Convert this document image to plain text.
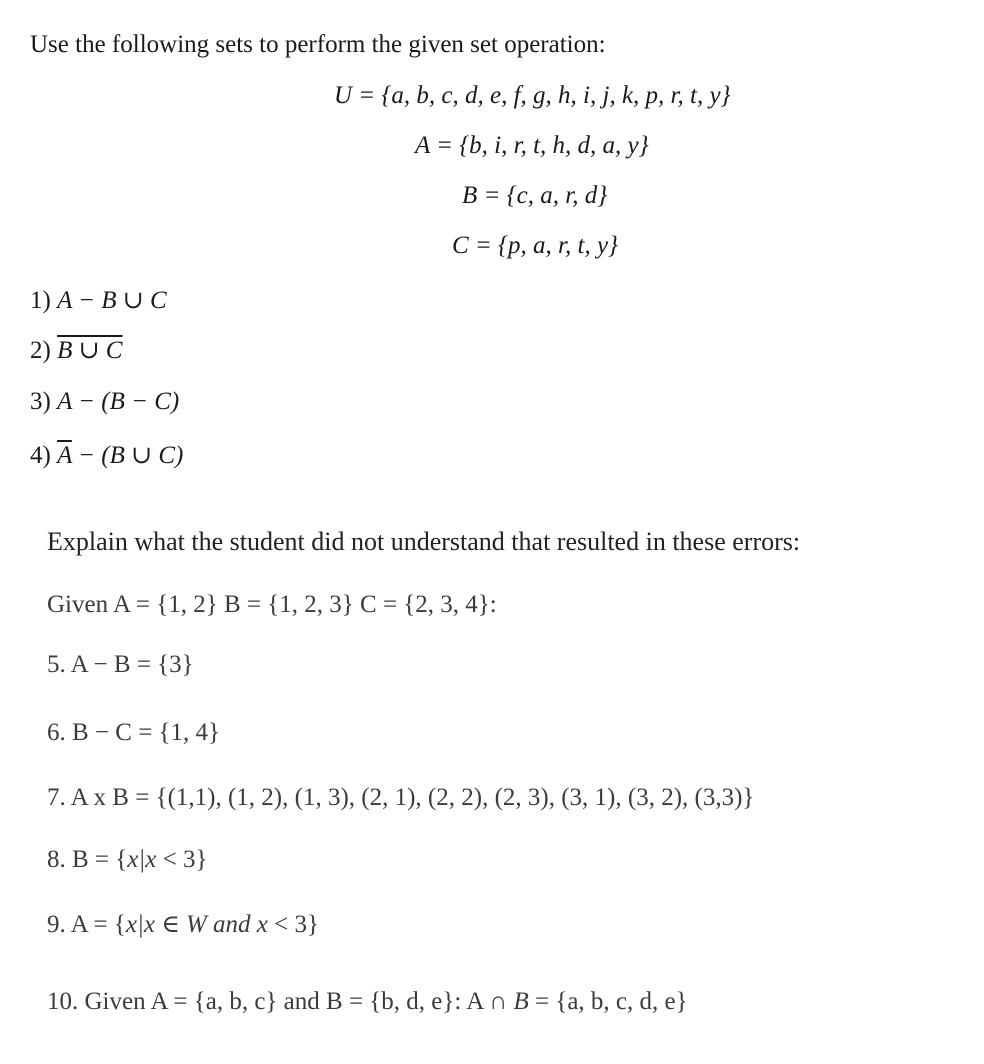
Use the following sets to perform the given set operation:
U = {a, b, c, d, e, f, g, h, i, j, k, p, r, t, y}
A = {b, i, r, t, h, d, a, y}
B = {c, a, r, d}
C = {p, a, r, t, y}
1) A − B ∪ C
2) B ∪ C
3) A − (B − C)
4) $\overline{A} - (B$ ∪ C)
Explain what the student did not understand that resulted in these errors:
Given A = {1, 2} B = {1, 2, 3} C = {2, 3, 4}:
5. A − B = {3}
6. B − C = {1, 4}
7. A x B = {(1,1), (1, 2), (1, 3), (2, 1), (2, 2), (2, 3), (3, 1), (3, 2), (3,3)}
8. B = {x|x < 3}
9. A = {x|x ∈ W and x < 3}
10. Given A = {a, b, c} and B = {b, d, e}: A ∩ B = {a, b, c, d, e}
